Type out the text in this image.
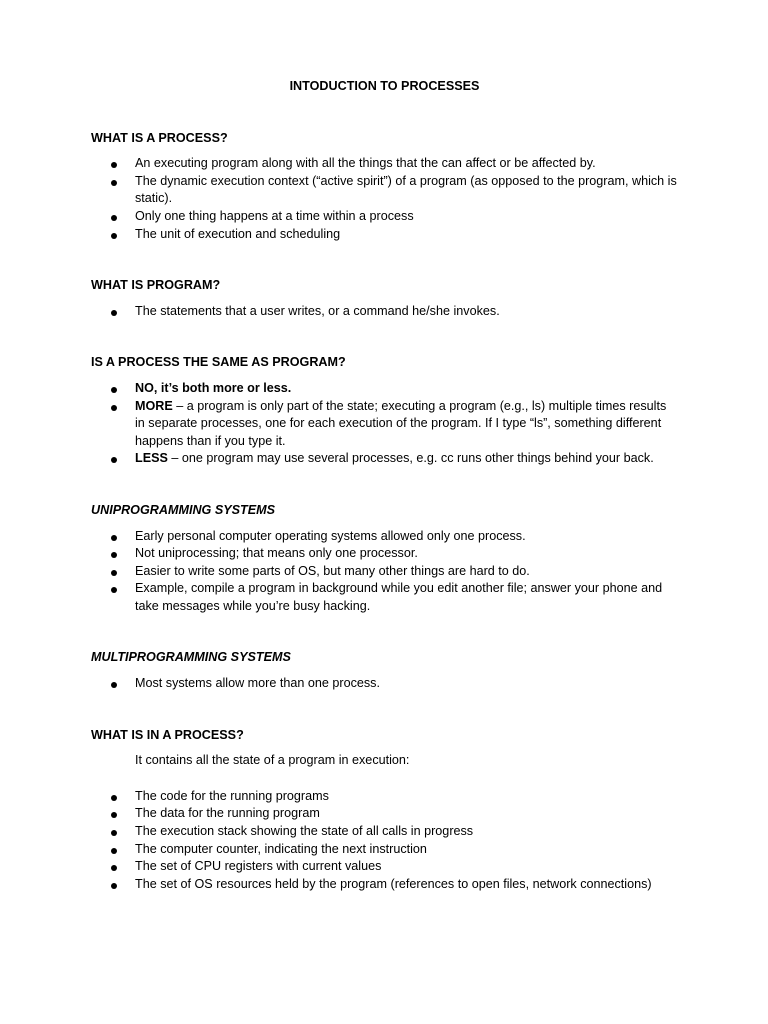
INTODUCTION TO PROCESSES
WHAT IS A PROCESS?
An executing program along with all the things that the can affect or be affected by.
The dynamic execution context (“active spirit”) of a program (as opposed to the program, which is static).
Only one thing happens at a time within a process
The unit of execution and scheduling
WHAT IS PROGRAM?
The statements that a user writes, or a command he/she invokes.
IS A PROCESS THE SAME AS PROGRAM?
NO, it’s both more or less.
MORE – a program is only part of the state; executing a program (e.g., ls) multiple times results in separate processes, one for each execution of the program. If I type “ls”, something different happens than if you type it.
LESS – one program may use several processes, e.g. cc runs other things behind your back.
UNIPROGRAMMING SYSTEMS
Early personal computer operating systems allowed only one process.
Not uniprocessing; that means only one processor.
Easier to write some parts of OS, but many other things are hard to do.
Example, compile a program in background while you edit another file; answer your phone and take messages while you’re busy hacking.
MULTIPROGRAMMING SYSTEMS
Most systems allow more than one process.
WHAT IS IN A PROCESS?
It contains all the state of a program in execution:
The code for the running programs
The data for the running program
The execution stack showing the state of all calls in progress
The computer counter, indicating the next instruction
The set of CPU registers with current values
The set of OS resources held by the program (references to open files, network connections)
